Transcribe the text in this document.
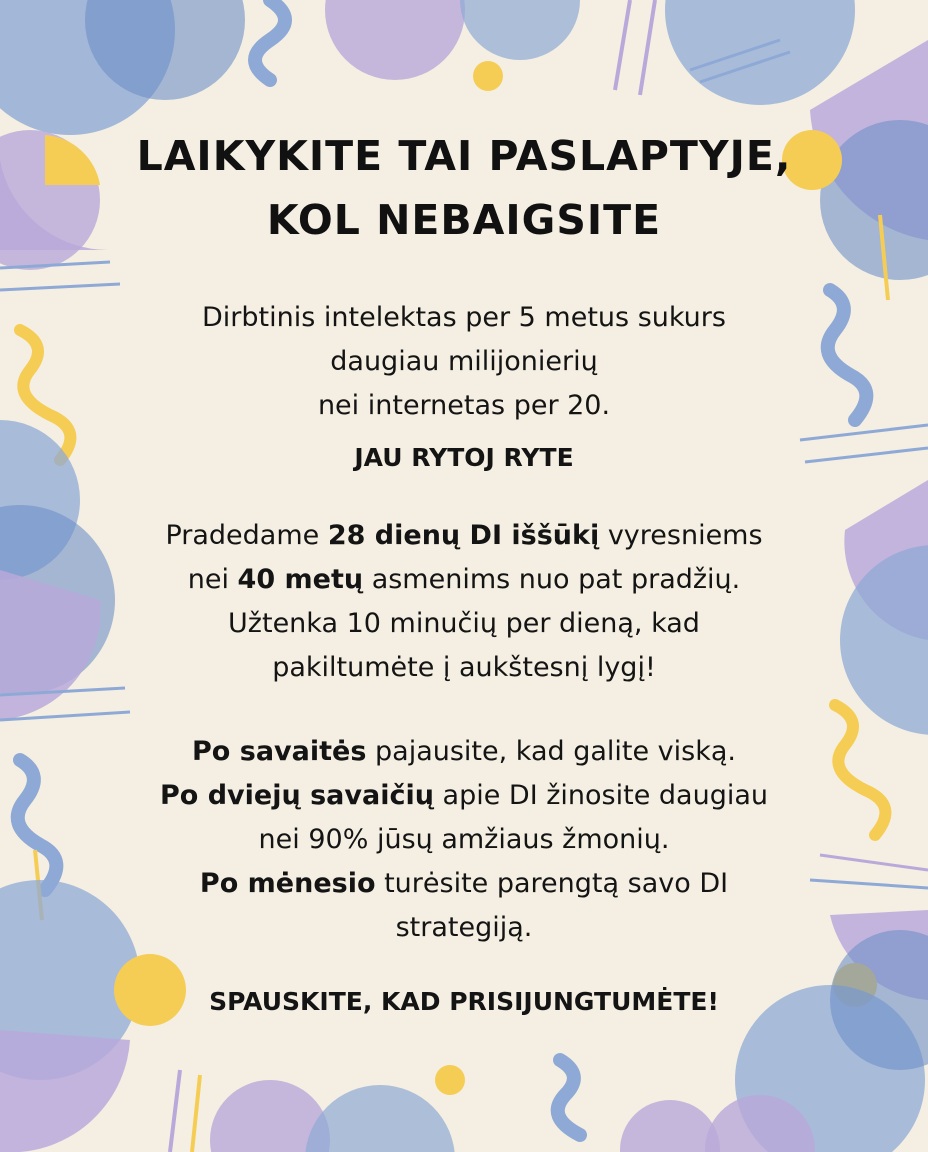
LAIKYKITE TAI PASLAPTYJE,
KOL NEBAIGSITE
Dirbtinis intelektas per 5 metus sukurs
daugiau milijonierių
nei internetas per 20.
JAU RYTOJ RYTE
Pradedame 28 dienų DI iššūkį vyresniems
nei 40 metų asmenims nuo pat pradžių.
Užtenka 10 minučių per dieną, kad
pakiltumėte į aukštesnį lygį!
Po savaitės pajausite, kad galite viską.
Po dviejų savaičių apie DI žinosite daugiau
nei 90% jūsų amžiaus žmonių.
Po mėnesio turėsite parengtą savo DI
strategiją.
SPAUSKITE, KAD PRISIJUNGTUMĖTE!
